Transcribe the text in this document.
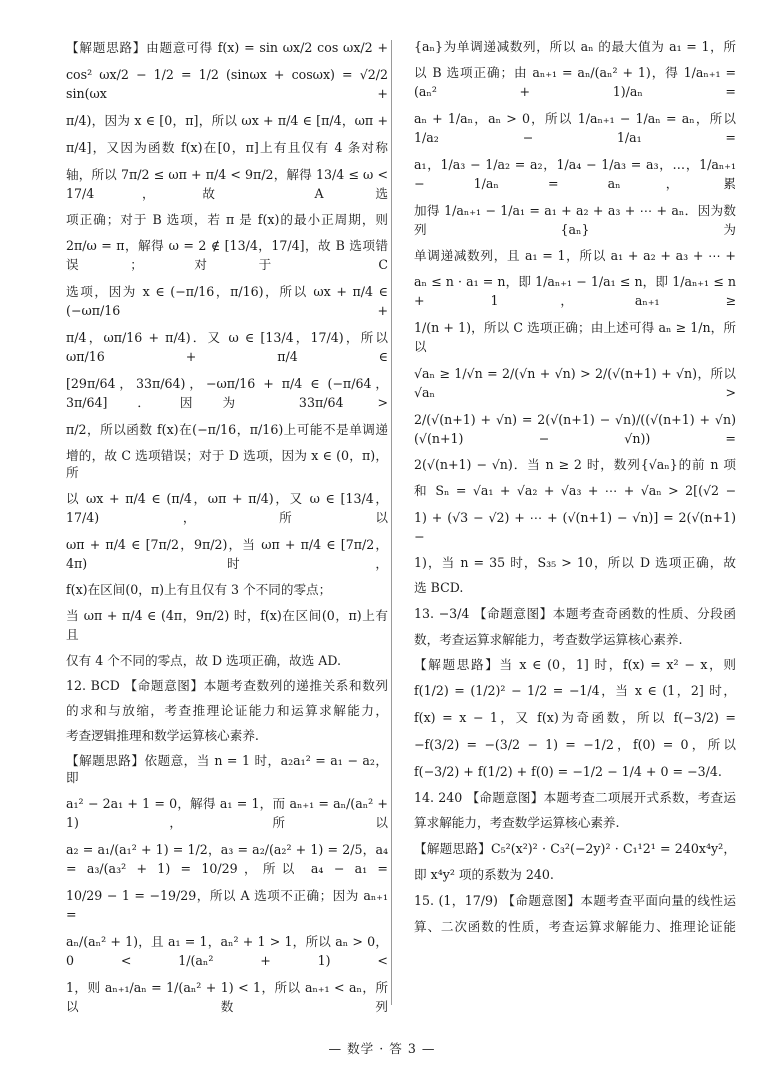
【解题思路】由题意可得 f(x) = sin ωx/2 cos ωx/2 +

cos² ωx/2 − 1/2 = 1/2 (sinωx + cosωx) = √2/2 sin(ωx +

π/4)，因为 x ∈ [0，π]，所以 ωx + π/4 ∈ [π/4，ωπ +

π/4]，又因为函数 f(x)在[0，π]上有且仅有 4 条对称

轴，所以 7π/2 ≤ ωπ + π/4 < 9π/2，解得 13/4 ≤ ω < 17/4，故 A 选

项正确；对于 B 选项，若 π 是 f(x)的最小正周期，则

2π/ω = π，解得 ω = 2 ∉ [13/4，17/4]，故 B 选项错误；对于 C

选项，因为 x ∈ (−π/16，π/16)，所以 ωx + π/4 ∈ (−ωπ/16 +

π/4，ωπ/16 + π/4)．又 ω ∈ [13/4，17/4)，所以 ωπ/16 + π/4 ∈

[29π/64，33π/64)，−ωπ/16 + π/4 ∈ (−π/64，3π/64]．因为 33π/64 >

π/2，所以函数 f(x)在(−π/16，π/16)上可能不是单调递

增的，故 C 选项错误；对于 D 选项，因为 x ∈ (0，π)，所

以 ωx + π/4 ∈ (π/4，ωπ + π/4)，又 ω ∈ [13/4，17/4)，所以

ωπ + π/4 ∈ [7π/2，9π/2)，当 ωπ + π/4 ∈ [7π/2，4π) 时，

f(x)在区间(0，π)上有且仅有 3 个不同的零点；

当 ωπ + π/4 ∈ (4π，9π/2) 时，f(x)在区间(0，π)上有且

仅有 4 个不同的零点，故 D 选项正确，故选 AD.

12. BCD 【命题意图】本题考查数列的递推关系和数列

的求和与放缩，考查推理论证能力和运算求解能力，

考查逻辑推理和数学运算核心素养.

【解题思路】依题意，当 n = 1 时，a₂a₁² = a₁ − a₂，即

a₁² − 2a₁ + 1 = 0，解得 a₁ = 1，而 aₙ₊₁ = aₙ/(aₙ² + 1)，所以

a₂ = a₁/(a₁² + 1) = 1/2，a₃ = a₂/(a₂² + 1) = 2/5，a₄ = a₃/(a₃² + 1) = 10/29，所以 a₄ − a₁ =

10/29 − 1 = −19/29，所以 A 选项不正确；因为 aₙ₊₁ =

aₙ/(aₙ² + 1)，且 a₁ = 1，aₙ² + 1 > 1，所以 aₙ > 0，0 < 1/(aₙ² + 1) <

1，则 aₙ₊₁/aₙ = 1/(aₙ² + 1) < 1，所以 aₙ₊₁ < aₙ，所以数列

{aₙ}为单调递减数列，所以 aₙ 的最大值为 a₁ = 1，所

以 B 选项正确；由 aₙ₊₁ = aₙ/(aₙ² + 1)，得 1/aₙ₊₁ = (aₙ² + 1)/aₙ =

aₙ + 1/aₙ，aₙ > 0，所以 1/aₙ₊₁ − 1/aₙ = aₙ，所以 1/a₂ − 1/a₁ =

a₁，1/a₃ − 1/a₂ = a₂，1/a₄ − 1/a₃ = a₃，…，1/aₙ₊₁ − 1/aₙ = aₙ，累

加得 1/aₙ₊₁ − 1/a₁ = a₁ + a₂ + a₃ + ⋯ + aₙ．因为数列{aₙ}为

单调递减数列，且 a₁ = 1，所以 a₁ + a₂ + a₃ + ⋯ +

aₙ ≤ n · a₁ = n，即 1/aₙ₊₁ − 1/a₁ ≤ n，即 1/aₙ₊₁ ≤ n + 1，aₙ₊₁ ≥

1/(n + 1)，所以 C 选项正确；由上述可得 aₙ ≥ 1/n，所以

√aₙ ≥ 1/√n = 2/(√n + √n) > 2/(√(n+1) + √n)，所以 √aₙ >

2/(√(n+1) + √n) = 2(√(n+1) − √n)/((√(n+1) + √n)(√(n+1) − √n)) =

2(√(n+1) − √n)．当 n ≥ 2 时，数列{√aₙ}的前 n 项

和 Sₙ = √a₁ + √a₂ + √a₃ + ⋯ + √aₙ > 2[(√2 −

1) + (√3 − √2) + ⋯ + (√(n+1) − √n)] = 2(√(n+1) −

1)，当 n = 35 时，S₃₅ > 10，所以 D 选项正确，故

选 BCD.

13. −3/4 【命题意图】本题考查奇函数的性质、分段函

数，考查运算求解能力，考查数学运算核心素养.

【解题思路】当 x ∈ (0，1] 时，f(x) = x² − x，则

f(1/2) = (1/2)² − 1/2 = −1/4，当 x ∈ (1，2] 时，

f(x) = x − 1，又 f(x)为奇函数，所以 f(−3/2) =

−f(3/2) = −(3/2 − 1) = −1/2，f(0) = 0，所以

f(−3/2) + f(1/2) + f(0) = −1/2 − 1/4 + 0 = −3/4.

14. 240 【命题意图】本题考查二项展开式系数，考查运

算求解能力，考查数学运算核心素养.

【解题思路】C₅²(x²)² · C₃²(−2y)² · C₁¹2¹ = 240x⁴y²，

即 x⁴y² 项的系数为 240.

15. (1，17/9) 【命题意图】本题考查平面向量的线性运

算、二次函数的性质，考查运算求解能力、推理论证能

— 数学 · 答 3 —
